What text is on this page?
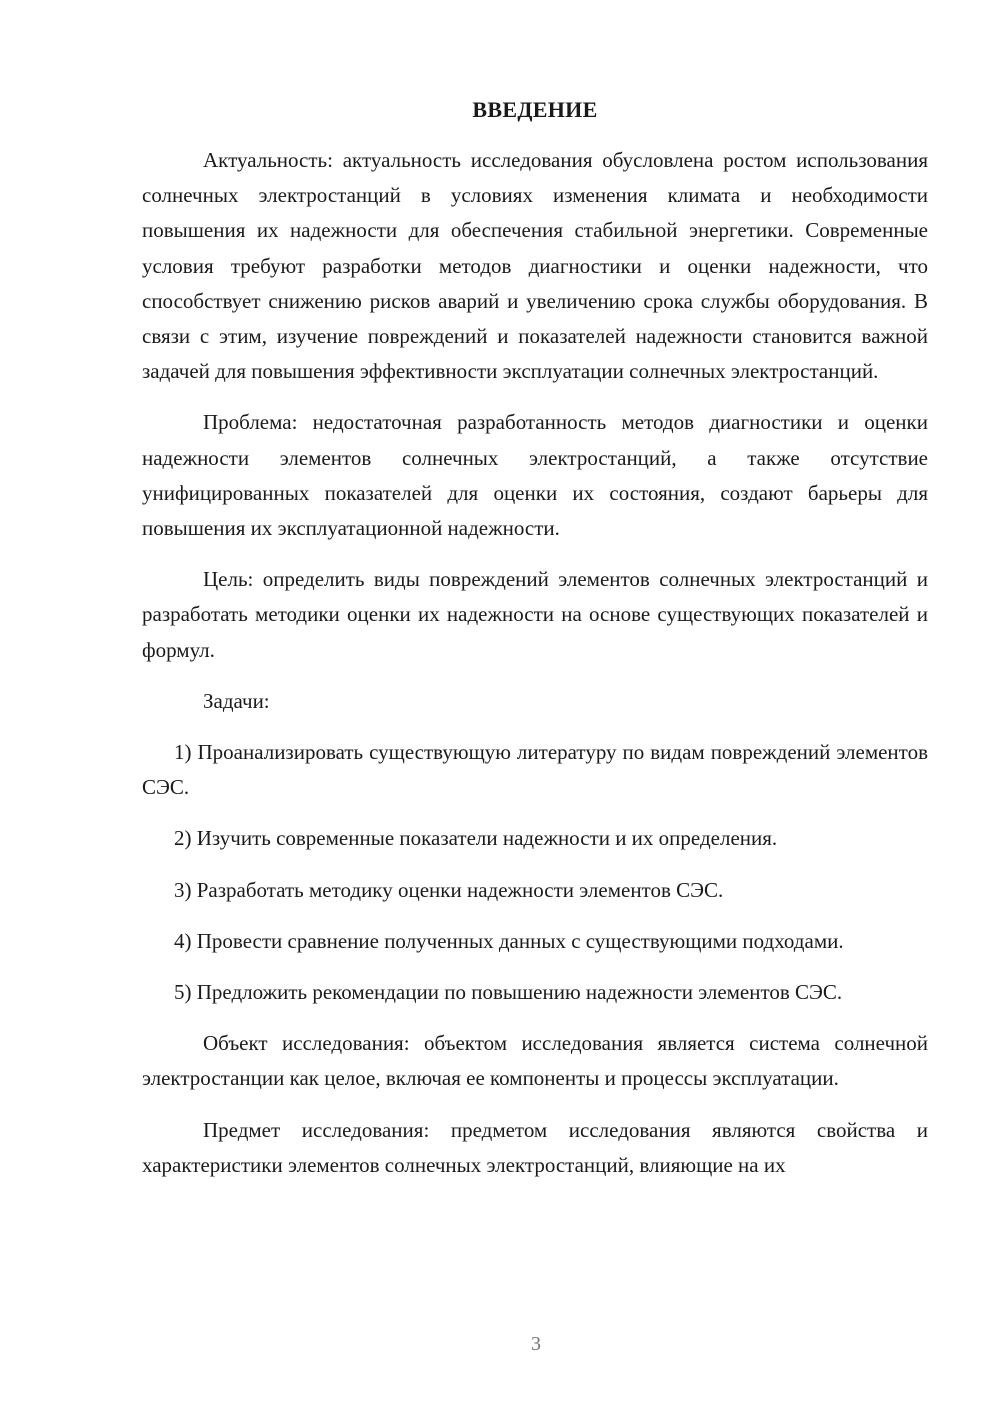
ВВЕДЕНИЕ

Актуальность: актуальность исследования обусловлена ростом использования солнечных электростанций в условиях изменения климата и необходимости повышения их надежности для обеспечения стабильной энергетики. Современные условия требуют разработки методов диагностики и оценки надежности, что способствует снижению рисков аварий и увеличению срока службы оборудования. В связи с этим, изучение повреждений и показателей надежности становится важной задачей для повышения эффективности эксплуатации солнечных электростанций.

Проблема: недостаточная разработанность методов диагностики и оценки надежности элементов солнечных электростанций, а также отсутствие унифицированных показателей для оценки их состояния, создают барьеры для повышения их эксплуатационной надежности.

Цель: определить виды повреждений элементов солнечных электростанций и разработать методики оценки их надежности на основе существующих показателей и формул.

Задачи:

1) Проанализировать существующую литературу по видам повреждений элементов СЭС.

2) Изучить современные показатели надежности и их определения.

3) Разработать методику оценки надежности элементов СЭС.

4) Провести сравнение полученных данных с существующими подходами.

5) Предложить рекомендации по повышению надежности элементов СЭС.

Объект исследования: объектом исследования является система солнечной электростанции как целое, включая ее компоненты и процессы эксплуатации.

Предмет исследования: предметом исследования являются свойства и характеристики элементов солнечных электростанций, влияющие на их

3
